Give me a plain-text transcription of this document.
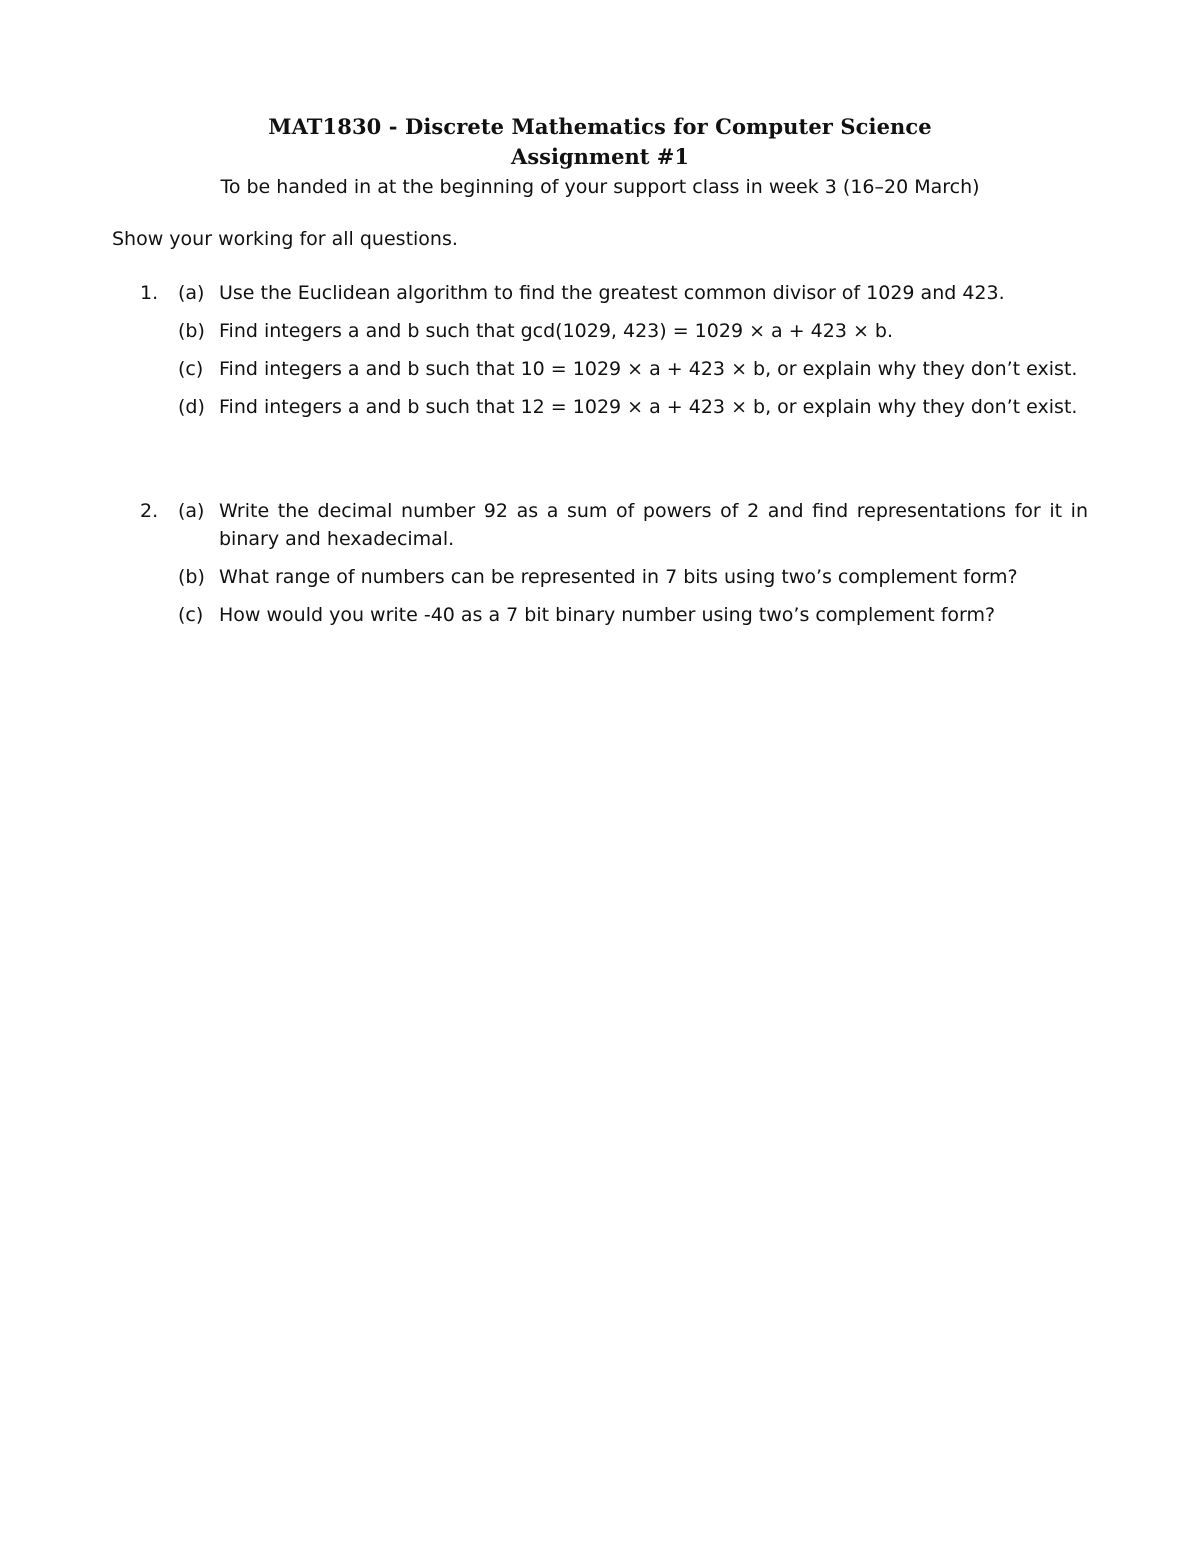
MAT1830 - Discrete Mathematics for Computer Science
Assignment #1
To be handed in at the beginning of your support class in week 3 (16–20 March)
Show your working for all questions.
1.	(a) Use the Euclidean algorithm to find the greatest common divisor of 1029 and 423.
(b) Find integers a and b such that gcd(1029, 423) = 1029 × a + 423 × b.
(c) Find integers a and b such that 10 = 1029 × a + 423 × b, or explain why they don’t exist.
(d) Find integers a and b such that 12 = 1029 × a + 423 × b, or explain why they don’t exist.
2.	(a) Write the decimal number 92 as a sum of powers of 2 and find representations for it in binary and hexadecimal.
(b) What range of numbers can be represented in 7 bits using two’s complement form?
(c) How would you write -40 as a 7 bit binary number using two’s complement form?
